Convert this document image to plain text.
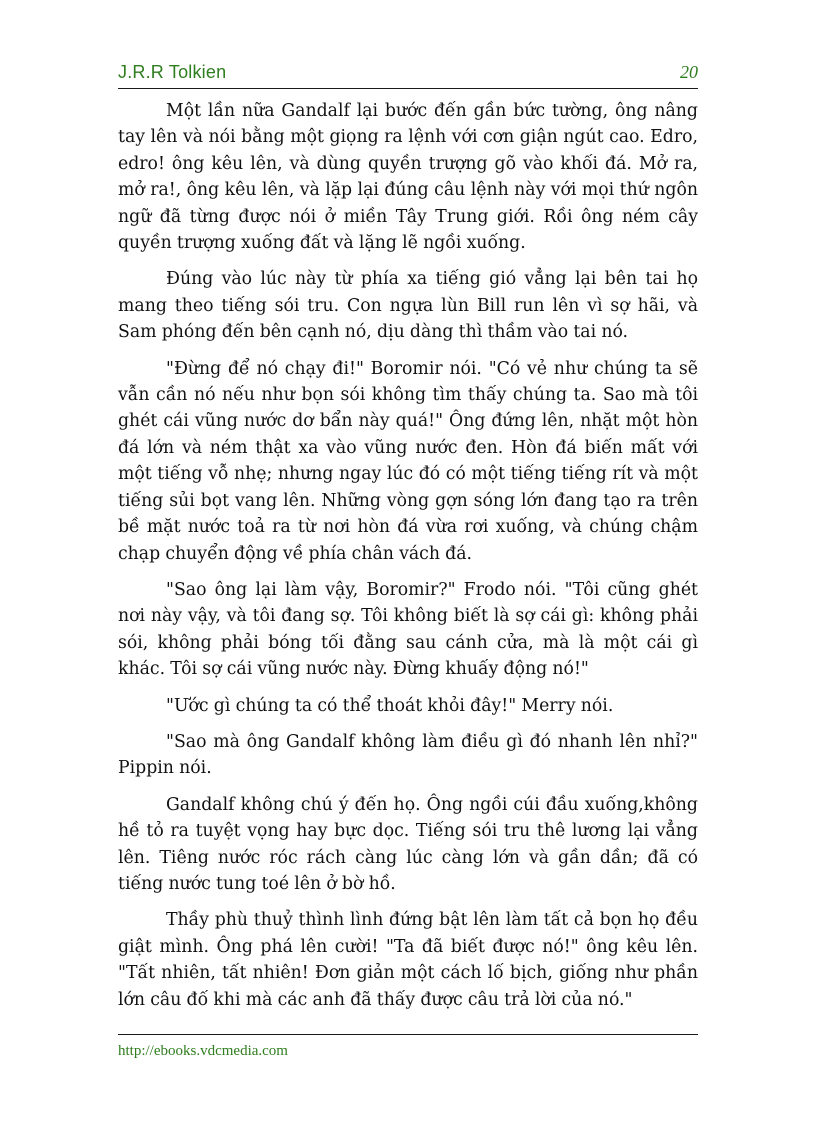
J.R.R Tolkien	20

Một lần nữa Gandalf lại bước đến gần bức tường, ông nâng tay lên và nói bằng một giọng ra lệnh với cơn giận ngút cao. Edro, edro! ông kêu lên, và dùng quyền trượng gõ vào khối đá. Mở ra, mở ra!, ông kêu lên, và lặp lại đúng câu lệnh này với mọi thứ ngôn ngữ đã từng được nói ở miền Tây Trung giới. Rồi ông ném cây quyền trượng xuống đất và lặng lẽ ngồi xuống.

Đúng vào lúc này từ phía xa tiếng gió vẳng lại bên tai họ mang theo tiếng sói tru. Con ngựa lùn Bill run lên vì sợ hãi, và Sam phóng đến bên cạnh nó, dịu dàng thì thầm vào tai nó.

"Đừng để nó chạy đi!" Boromir nói. "Có vẻ như chúng ta sẽ vẫn cần nó nếu như bọn sói không tìm thấy chúng ta. Sao mà tôi ghét cái vũng nước dơ bẩn này quá!" Ông đứng lên, nhặt một hòn đá lớn và ném thật xa vào vũng nước đen. Hòn đá biến mất với một tiếng vỗ nhẹ; nhưng ngay lúc đó có một tiếng tiếng rít và một tiếng sủi bọt vang lên. Những vòng gợn sóng lớn đang tạo ra trên bề mặt nước toả ra từ nơi hòn đá vừa rơi xuống, và chúng chậm chạp chuyển động về phía chân vách đá.

"Sao ông lại làm vậy, Boromir?" Frodo nói. "Tôi cũng ghét nơi này vậy, và tôi đang sợ. Tôi không biết là sợ cái gì: không phải sói, không phải bóng tối đằng sau cánh cửa, mà là một cái gì khác. Tôi sợ cái vũng nước này. Đừng khuấy động nó!"

"Ước gì chúng ta có thể thoát khỏi đây!" Merry nói.

"Sao mà ông Gandalf không làm điều gì đó nhanh lên nhỉ?" Pippin nói.

Gandalf không chú ý đến họ. Ông ngồi cúi đầu xuống,không hề tỏ ra tuyệt vọng hay bực dọc. Tiếng sói tru thê lương lại vẳng lên. Tiêng nước róc rách càng lúc càng lớn và gần dần; đã có tiếng nước tung toé lên ở bờ hồ.

Thầy phù thuỷ thình lình đứng bật lên làm tất cả bọn họ đều giật mình. Ông phá lên cười! "Ta đã biết được nó!" ông kêu lên. "Tất nhiên, tất nhiên! Đơn giản một cách lố bịch, giống như phần lớn câu đố khi mà các anh đã thấy được câu trả lời của nó."

http://ebooks.vdcmedia.com
